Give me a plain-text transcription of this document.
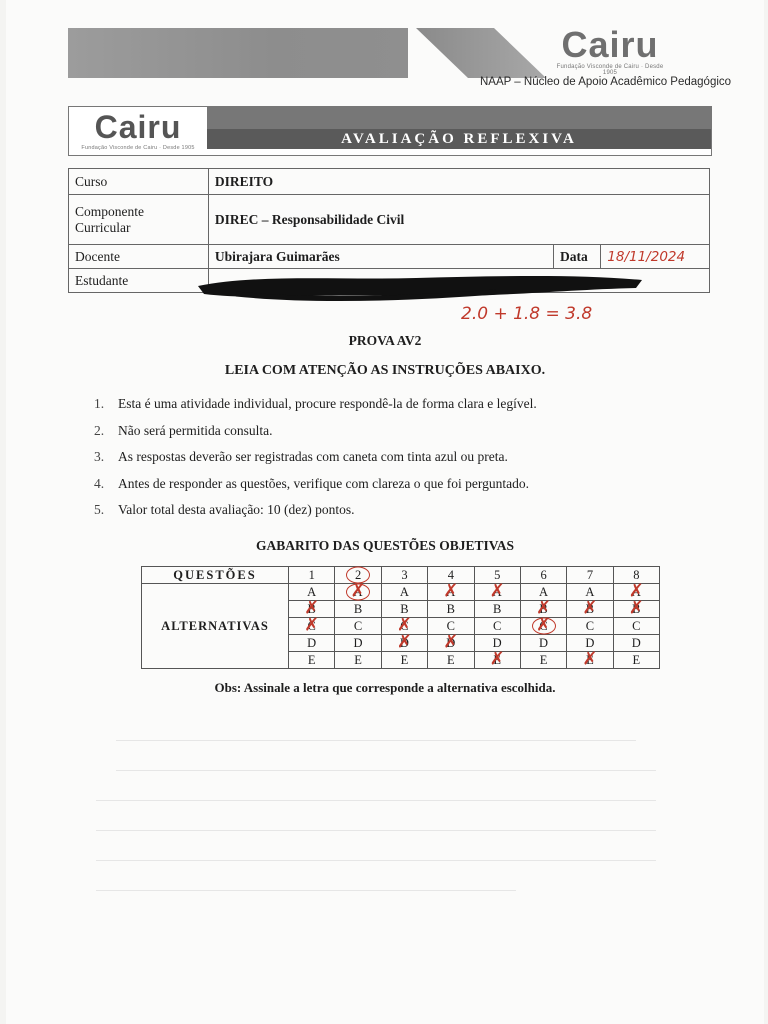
Cairu
Fundação Visconde de Cairu · Desde 1905
NAAP – Núcleo de Apoio Acadêmico Pedagógico
Cairu
Fundação Visconde de Cairu · Desde 1905
AVALIAÇÃO REFLEXIVA
Curso	DIREITO		
Componente Curricular	DIREC – Responsabilidade Civil		
Docente	Ubirajara Guimarães	Data	18/11/2024
Estudante			
2.0 + 1.8 = 3.8
PROVA AV2
LEIA COM ATENÇÃO AS INSTRUÇÕES ABAIXO.
1. Esta é uma atividade individual, procure respondê-la de forma clara e legível.
2. Não será permitida consulta.
3. As respostas deverão ser registradas com caneta com tinta azul ou preta.
4. Antes de responder as questões, verifique com clareza o que foi perguntado.
5. Valor total desta avaliação: 10 (dez) pontos.
GABARITO DAS QUESTÕES OBJETIVAS
QUESTÕES	1	2	3	4	5	6	7	8
ALTERNATIVAS	A	A ✗	A	A ✗	A ✗	A	A	A ✗
	B ✗	B	B	B	B	B ✗	B ✗	B ✗
	C ✗	C	C ✗	C	C	C ✗	C	C
	D	D	D ✗	D ✗	D	D	D	D
	E	E	E	E	E ✗	E	E ✗	E
Obs: Assinale a letra que corresponde a alternativa escolhida.
